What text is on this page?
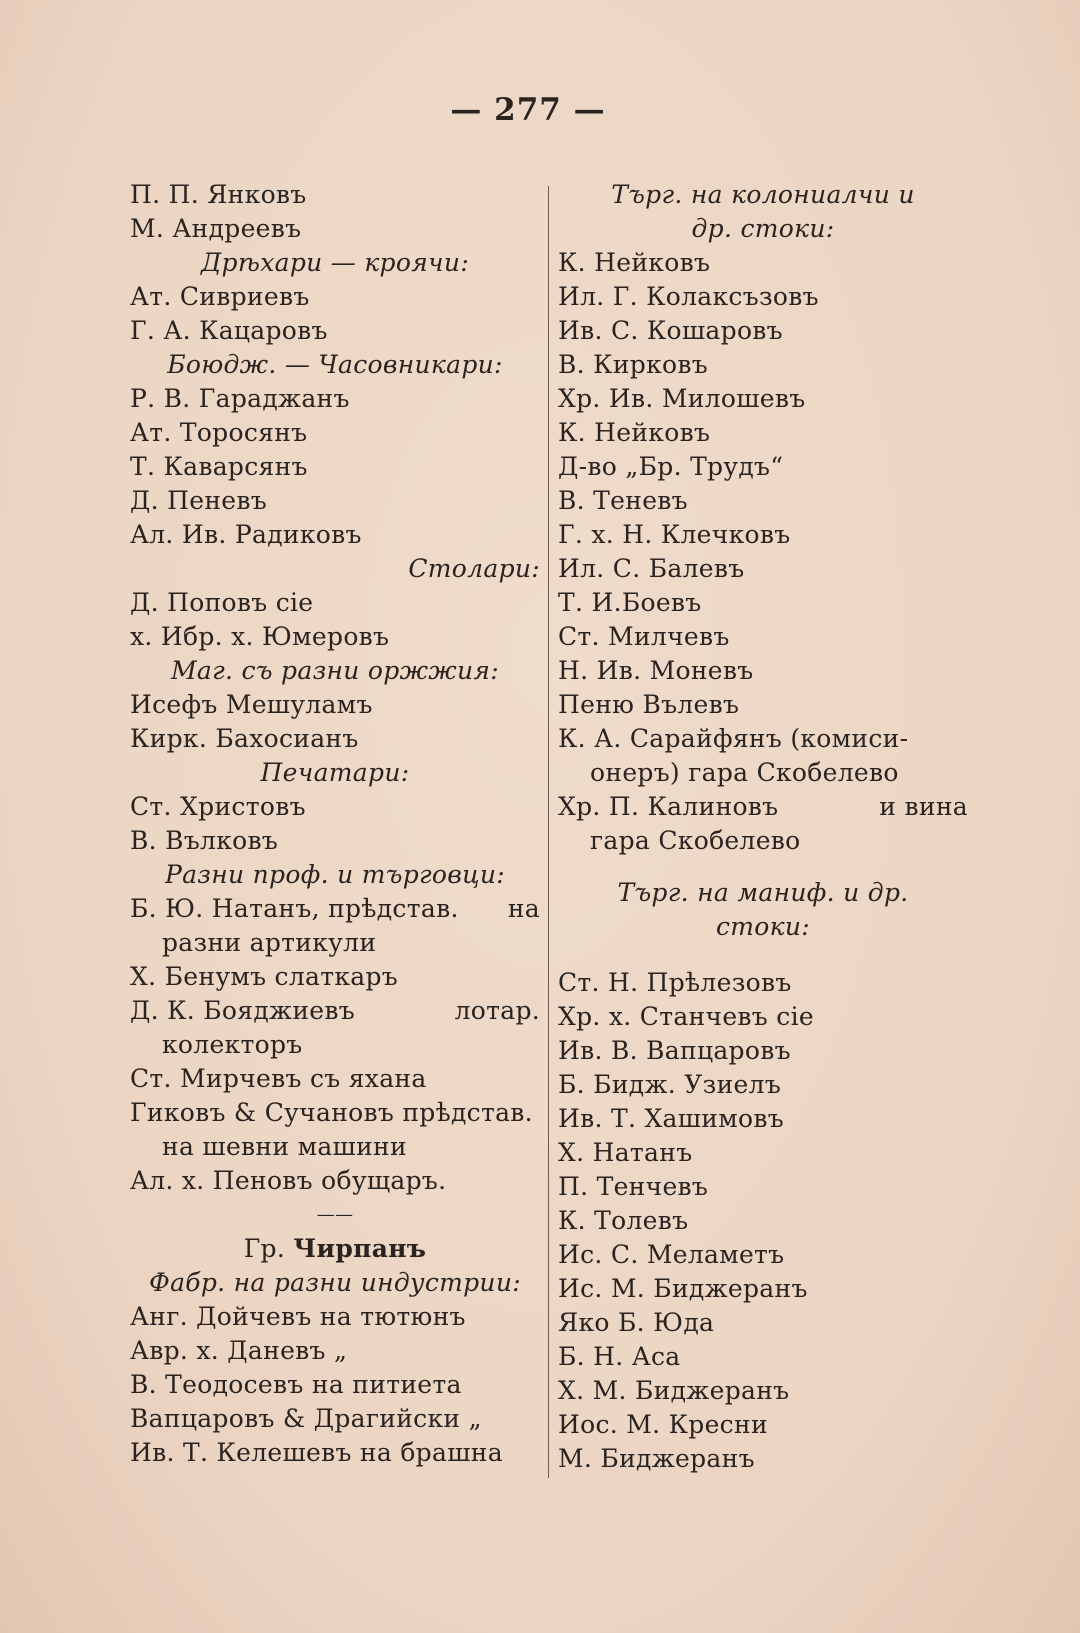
— 277 —
П. П. Янковъ
М. Андреевъ
Дрѣхари — кроячи:
Ат. Сивриевъ
Г. А. Кацаровъ
Боюдж. — Часовникари:
Р. В. Гараджанъ
Ат. Торосянъ
Т. Каварсянъ
Д. Пеневъ
Ал. Ив. Радиковъ
Столари:
Д. Поповъ сіе
х. Ибр. х. Юмеровъ
Маг. съ разни оржжия:
Исефъ Мешуламъ
Кирк. Бахосианъ
Печатари:
Ст. Христовъ
В. Вълковъ
Разни проф. и търговци:
Б. Ю. Натанъ, прѣдстав. на
разни артикули
Х. Бенумъ слаткаръ
Д. К. Бояджиевъ	лотар.
колекторъ
Ст. Мирчевъ съ яхана
Гиковъ & Сучановъ прѣдстав.
на шевни машини
Ал. х. Пеновъ обущаръ.
——
Гр. Чирпанъ
Фабр. на разни индустрии:
Анг. Дойчевъ на тютюнъ
Авр. х. Даневъ „
В. Теодосевъ на питиета
Вапцаровъ & Драгийски „
Ив. Т. Келешевъ на брашна
Търг. на колониалчи и
др. стоки:
К. Нейковъ
Ил. Г. Колаксъзовъ
Ив. С. Кошаровъ
В. Кирковъ
Хр. Ив. Милошевъ
К. Нейковъ
Д-во „Бр. Трудъ“
В. Теневъ
Г. х. Н. Клечковъ
Ил. С. Балевъ
Т. И.Боевъ
Ст. Милчевъ
Н. Ив. Моневъ
Пеню Вълевъ
К. А. Сарайфянъ (комиси-
онеръ) гара Скобелево
Хр. П. Калиновъ	и вина
гара Скобелево
Търг. на маниф. и др.
стоки:
Ст. Н. Прѣлезовъ
Хр. х. Станчевъ сіе
Ив. В. Вапцаровъ
Б. Бидж. Узиелъ
Ив. Т. Хашимовъ
Х. Натанъ
П. Тенчевъ
К. Толевъ
Ис. С. Меламетъ
Ис. М. Биджеранъ
Яко Б. Юда
Б. Н. Аса
Х. М. Биджеранъ
Иос. М. Кресни
М. Биджеранъ
